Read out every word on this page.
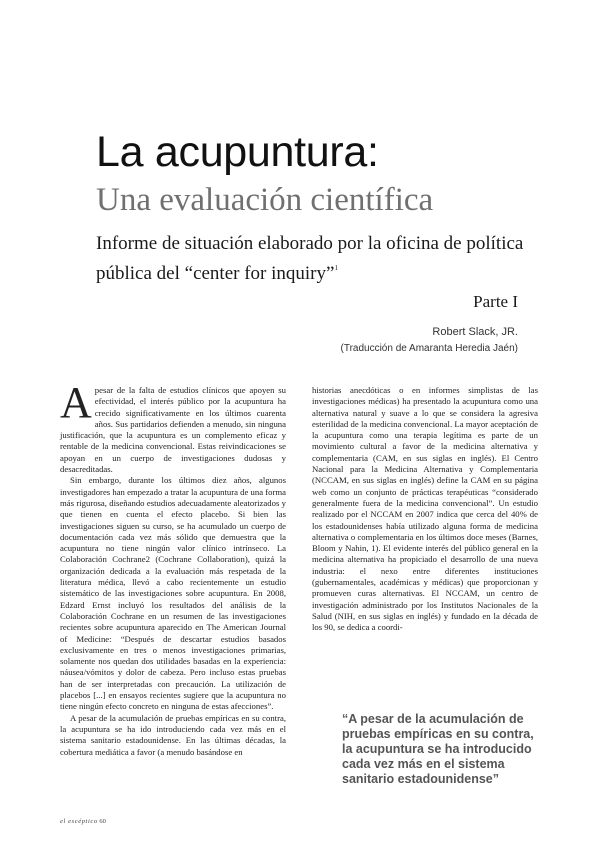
La acupuntura:
Una evaluación científica

Informe de situación elaborado por la oficina de política pública del “center for inquiry”$^1$

Parte I
Robert Slack, JR.
(Traducción de Amaranta Heredia Jaén)

Apesar de la falta de estudios clínicos que apoyen su efectividad, el interés público por la acupuntura ha crecido significativamente en los últimos cuarenta años. Sus partidarios defienden a menudo, sin ninguna justificación, que la acupuntura es un complemento eficaz y rentable de la medicina convencional. Estas reivindicaciones se apoyan en un cuerpo de investigaciones dudosas y desacreditadas.

Sin embargo, durante los últimos diez años, algunos investigadores han empezado a tratar la acupuntura de una forma más rigurosa, diseñando estudios adecuadamente aleatorizados y que tienen en cuenta el efecto placebo. Si bien las investigaciones siguen su curso, se ha acumulado un cuerpo de documentación cada vez más sólido que demuestra que la acupuntura no tiene ningún valor clínico intrínseco. La Colaboración Cochrane2 (Cochrane Collaboration), quizá la organización dedicada a la evaluación más respetada de la literatura médica, llevó a cabo recientemente un estudio sistemático de las investigaciones sobre acupuntura. En 2008, Edzard Ernst incluyó los resultados del análisis de la Colaboración Cochrane en un resumen de las investigaciones recientes sobre acupuntura aparecido en The American Journal of Medicine: “Después de descartar estudios basados exclusivamente en tres o menos investigaciones primarias, solamente nos quedan dos utilidades basadas en la experiencia: náusea/vómitos y dolor de cabeza. Pero incluso estas pruebas han de ser interpretadas con precaución. La utilización de placebos [...] en ensayos recientes sugiere que la acupuntura no tiene ningún efecto concreto en ninguna de estas afecciones”.

A pesar de la acumulación de pruebas empíricas en su contra, la acupuntura se ha ido introduciendo cada vez más en el sistema sanitario estadounidense. En las últimas décadas, la cobertura mediática a favor (a menudo basándose en

historias anecdóticas o en informes simplistas de las investigaciones médicas) ha presentado la acupuntura como una alternativa natural y suave a lo que se considera la agresiva esterilidad de la medicina convencional. La mayor aceptación de la acupuntura como una terapia legítima es parte de un movimiento cultural a favor de la medicina alternativa y complementaria (CAM, en sus siglas en inglés). El Centro Nacional para la Medicina Alternativa y Complementaria (NCCAM, en sus siglas en inglés) define la CAM en su página web como un conjunto de prácticas terapéuticas “considerado generalmente fuera de la medicina convencional”. Un estudio realizado por el NCCAM en 2007 indica que cerca del 40% de los estadounidenses había utilizado alguna forma de medicina alternativa o complementaria en los últimos doce meses (Barnes, Bloom y Nahin, 1). El evidente interés del público general en la medicina alternativa ha propiciado el desarrollo de una nueva industria: el nexo entre diferentes instituciones (gubernamentales, académicas y médicas) que proporcionan y promueven curas alternativas. El NCCAM, un centro de investigación administrado por los Institutos Nacionales de la Salud (NIH, en sus siglas en inglés) y fundado en la década de los 90, se dedica a coordi-

“A pesar de la acumulación de pruebas empíricas en su contra, la acupuntura se ha introducido cada vez más en el sistema sanitario estadounidense”

el escéptico 60
